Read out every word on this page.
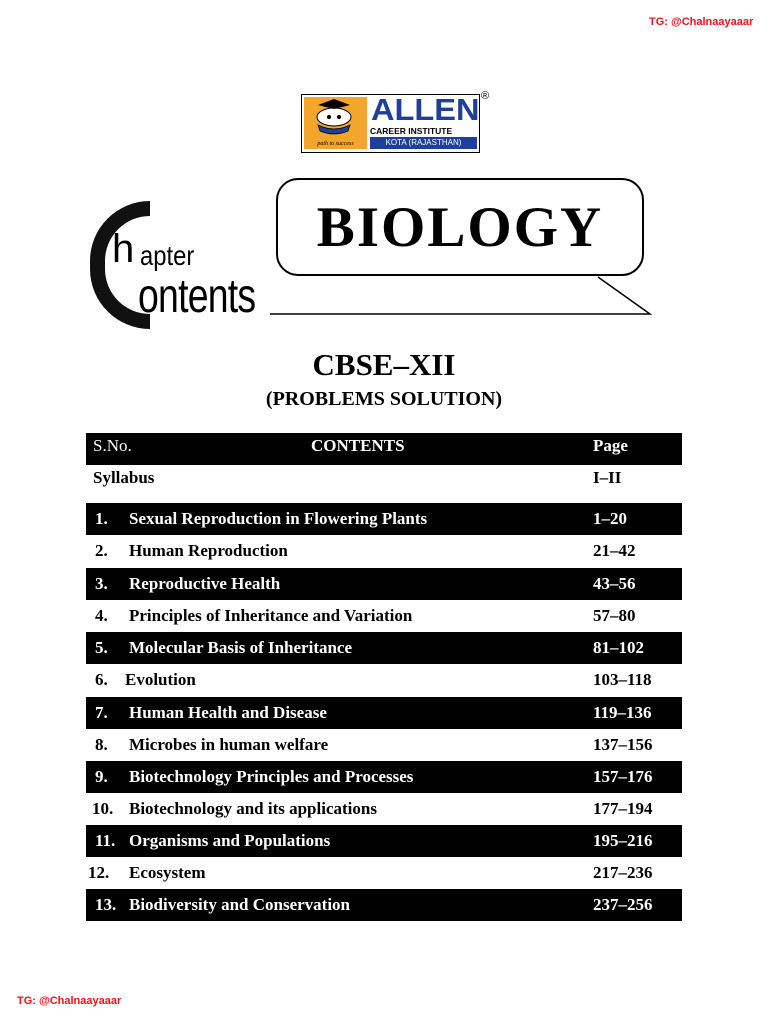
TG: @Chalnaayaaar
path to success
ALLEN
CAREER INSTITUTE
KOTA (RAJASTHAN)
®
h apter
ontents
BIOLOGY
CBSE–XII
(PROBLEMS SOLUTION)
S.No.	CONTENTS	Page
Syllabus	I–II
1. Sexual Reproduction in Flowering Plants	1–20
2. Human Reproduction	21–42
3. Reproductive Health	43–56
4. Principles of Inheritance and Variation	57–80
5. Molecular Basis of Inheritance	81–102
6. Evolution	103–118
7. Human Health and Disease	119–136
8. Microbes in human welfare	137–156
9. Biotechnology Principles and Processes	157–176
10. Biotechnology and its applications	177–194
11. Organisms and Populations	195–216
12. Ecosystem	217–236
13. Biodiversity and Conservation	237–256
TG: @Chalnaayaaar
